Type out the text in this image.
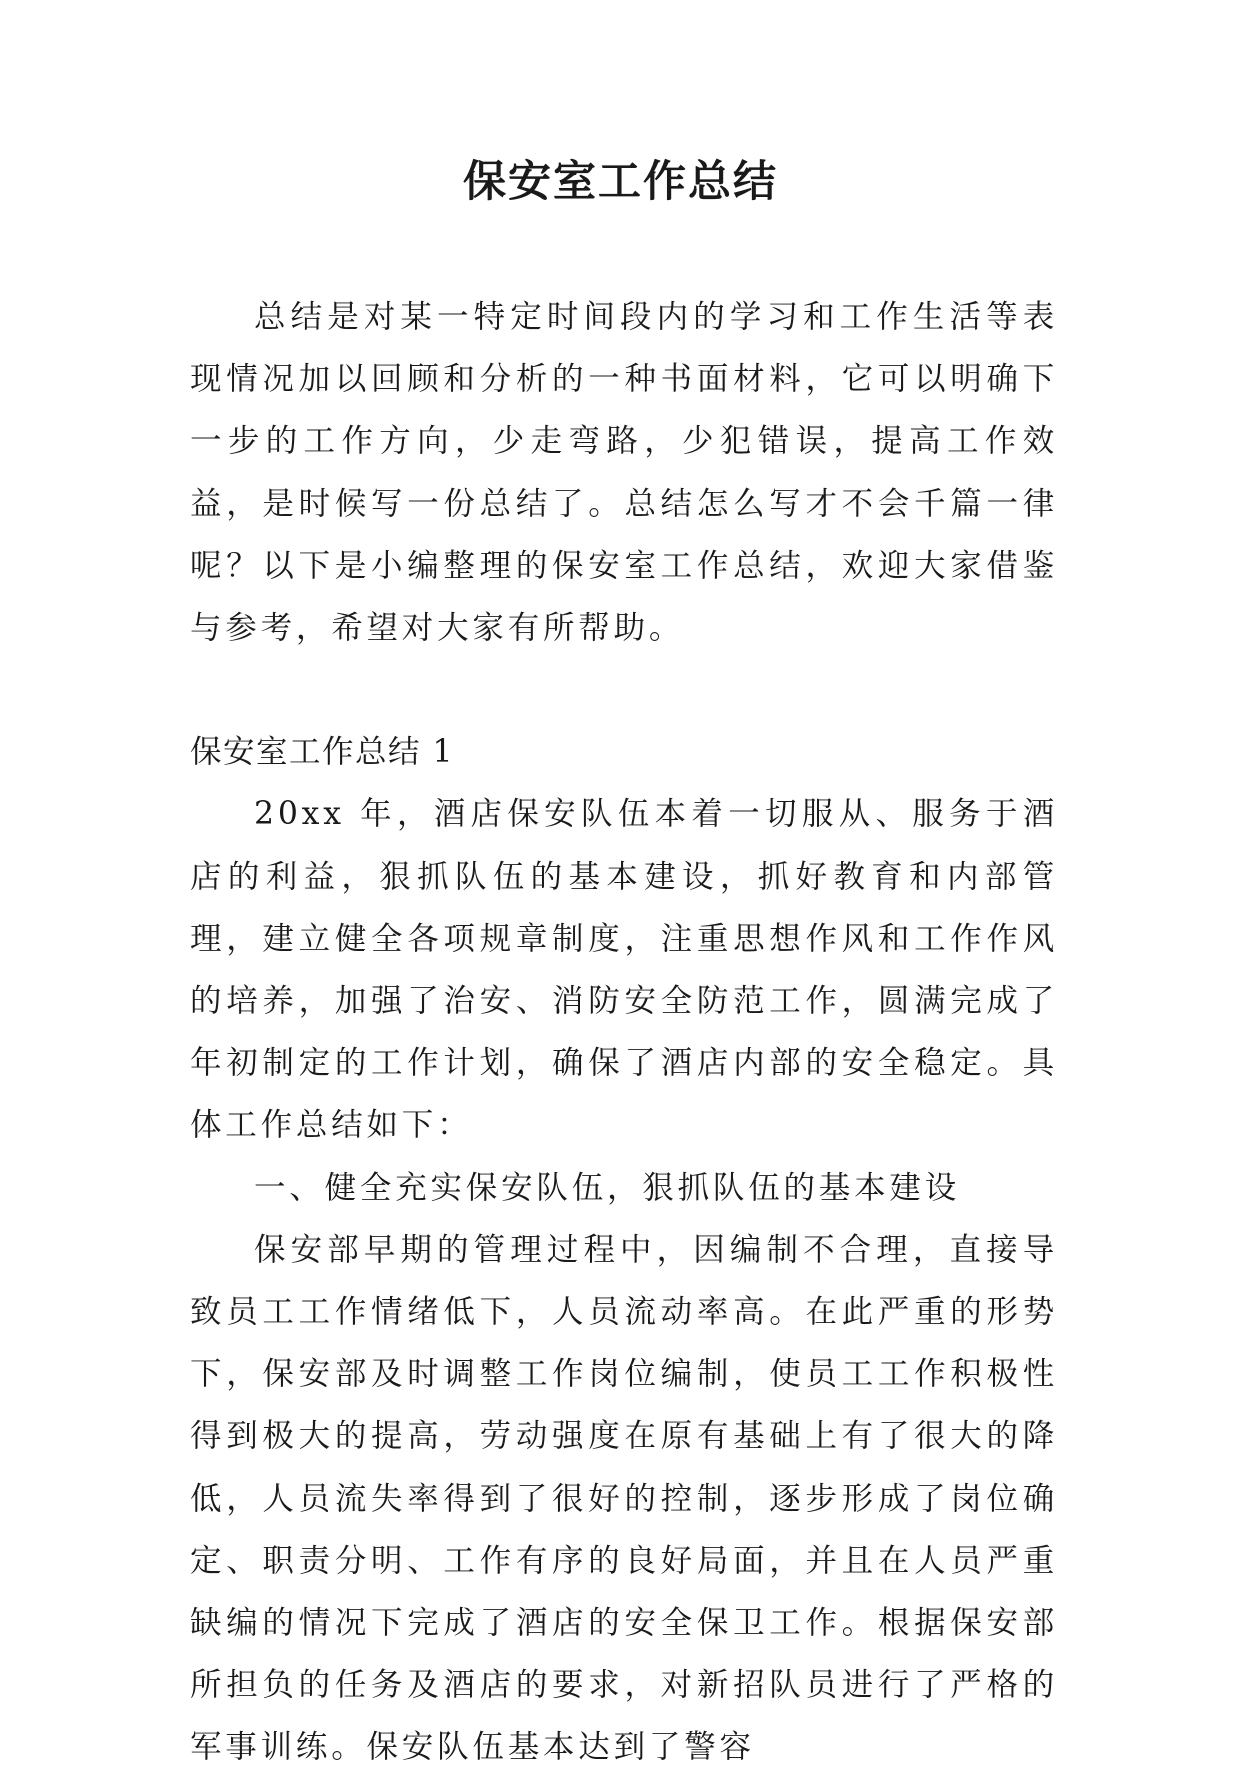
保安室工作总结

总结是对某一特定时间段内的学习和工作生活等表现情况加以回顾和分析的一种书面材料，它可以明确下一步的工作方向，少走弯路，少犯错误，提高工作效益，是时候写一份总结了。总结怎么写才不会千篇一律呢？以下是小编整理的保安室工作总结，欢迎大家借鉴与参考，希望对大家有所帮助。

保安室工作总结 1

20xx 年，酒店保安队伍本着一切服从、服务于酒店的利益，狠抓队伍的基本建设，抓好教育和内部管理，建立健全各项规章制度，注重思想作风和工作作风的培养，加强了治安、消防安全防范工作，圆满完成了年初制定的工作计划，确保了酒店内部的安全稳定。具体工作总结如下：

一、健全充实保安队伍，狠抓队伍的基本建设

保安部早期的管理过程中，因编制不合理，直接导致员工工作情绪低下，人员流动率高。在此严重的形势下，保安部及时调整工作岗位编制，使员工工作积极性得到极大的提高，劳动强度在原有基础上有了很大的降低，人员流失率得到了很好的控制，逐步形成了岗位确定、职责分明、工作有序的良好局面，并且在人员严重缺编的情况下完成了酒店的安全保卫工作。根据保安部所担负的任务及酒店的要求，对新招队员进行了严格的军事训练。保安队伍基本达到了警容
